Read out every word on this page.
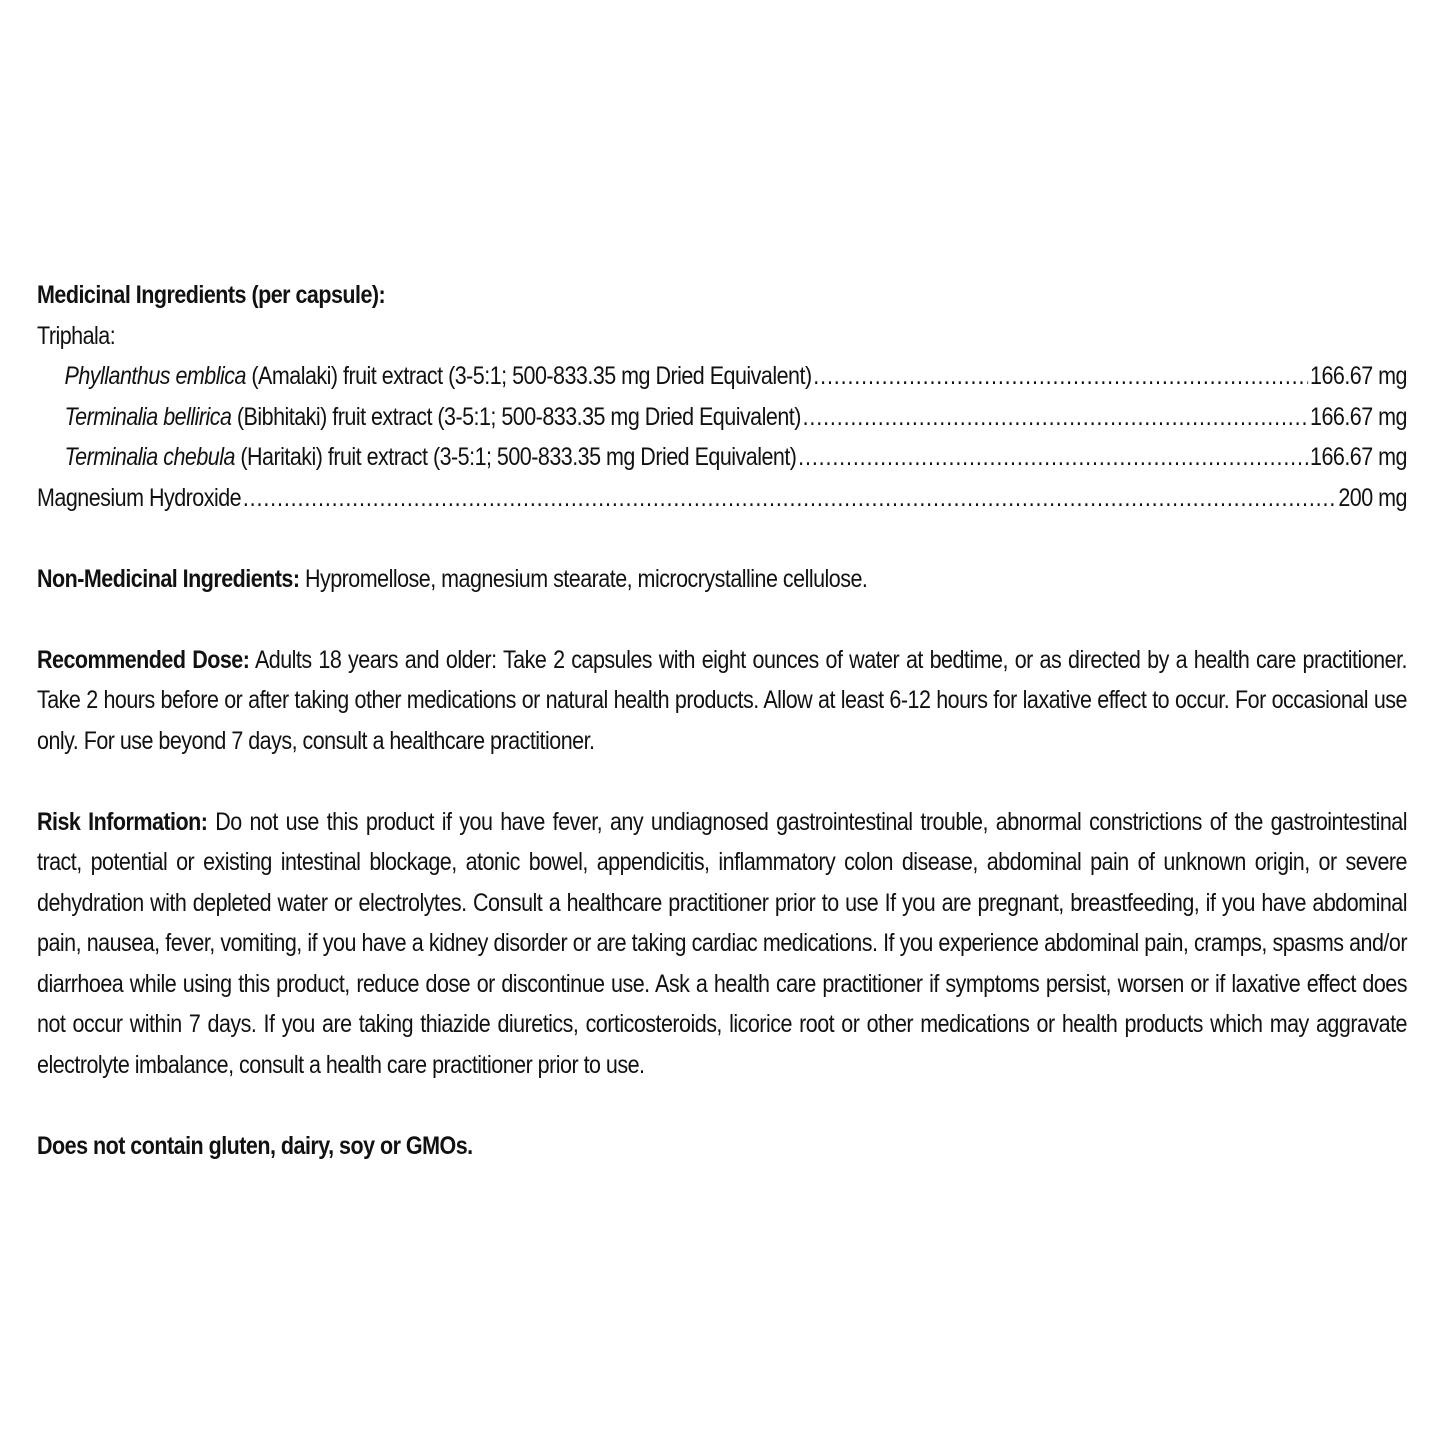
Medicinal Ingredients (per capsule):
Triphala:
Phyllanthus emblica (Amalaki) fruit extract (3-5:1; 500-833.35 mg Dried Equivalent) .....	166.67 mg
Terminalia bellirica (Bibhitaki) fruit extract (3-5:1; 500-833.35 mg Dried Equivalent) .....	166.67 mg
Terminalia chebula (Haritaki) fruit extract (3-5:1; 500-833.35 mg Dried Equivalent) .....	166.67 mg
Magnesium Hydroxide .....	200 mg
Non-Medicinal Ingredients: Hypromellose, magnesium stearate, microcrystalline cellulose.
Recommended Dose: Adults 18 years and older: Take 2 capsules with eight ounces of water at bedtime, or as directed by a health care practitioner. Take 2 hours before or after taking other medications or natural health products. Allow at least 6-12 hours for laxative effect to occur. For occasional use only. For use beyond 7 days, consult a healthcare practitioner.
Risk Information: Do not use this product if you have fever, any undiagnosed gastrointestinal trouble, abnormal constrictions of the gastrointestinal tract, potential or existing intestinal blockage, atonic bowel, appendicitis, inflammatory colon disease, abdominal pain of unknown origin, or severe dehydration with depleted water or electrolytes. Consult a healthcare practitioner prior to use If you are pregnant, breastfeeding, if you have abdominal pain, nausea, fever, vomiting, if you have a kidney disorder or are taking cardiac medications. If you experience abdominal pain, cramps, spasms and/or diarrhoea while using this product, reduce dose or discontinue use. Ask a health care practitioner if symptoms persist, worsen or if laxative effect does not occur within 7 days. If you are taking thiazide diuretics, corticosteroids, licorice root or other medications or health products which may aggravate electrolyte imbalance, consult a health care practitioner prior to use.
Does not contain gluten, dairy, soy or GMOs.
